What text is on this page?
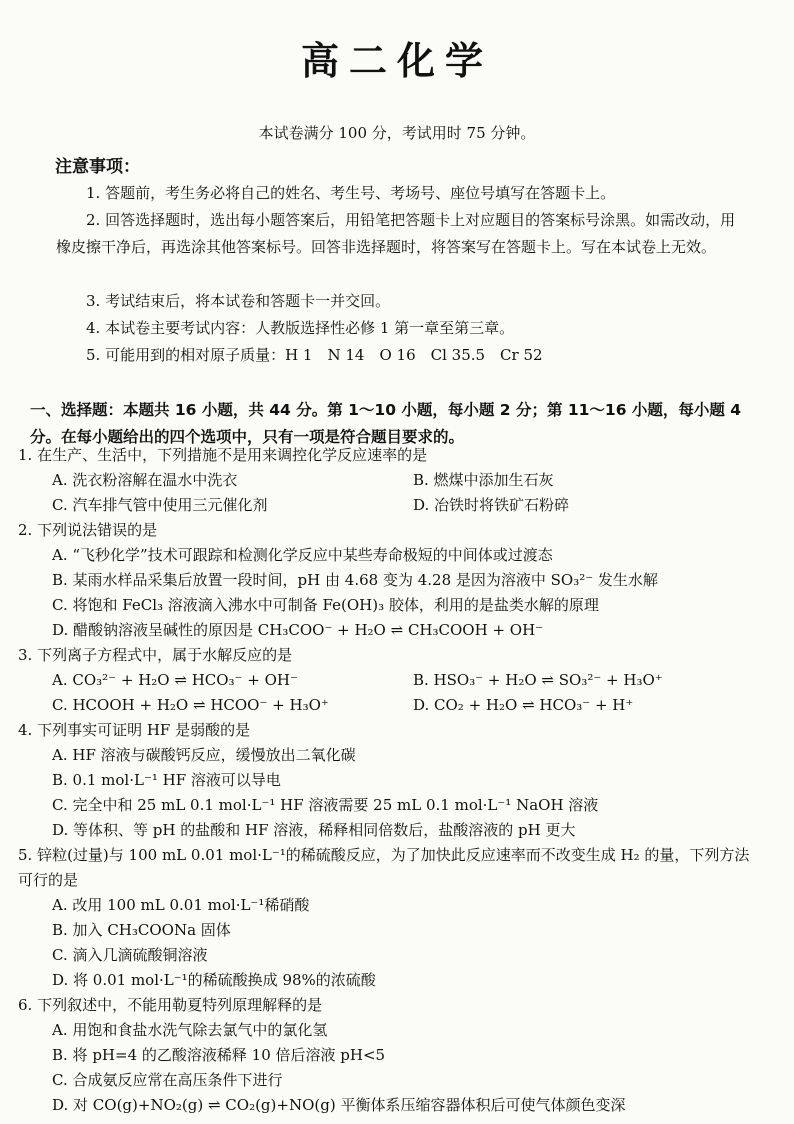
高二化学
本试卷满分 100 分，考试用时 75 分钟。
注意事项：
1. 答题前，考生务必将自己的姓名、考生号、考场号、座位号填写在答题卡上。
2. 回答选择题时，选出每小题答案后，用铅笔把答题卡上对应题目的答案标号涂黑。如需改动，用橡皮擦干净后，再选涂其他答案标号。回答非选择题时，将答案写在答题卡上。写在本试卷上无效。
3. 考试结束后，将本试卷和答题卡一并交回。
4. 本试卷主要考试内容：人教版选择性必修 1 第一章至第三章。
5. 可能用到的相对原子质量：H 1　N 14　O 16　Cl 35.5　Cr 52
一、选择题：本题共 16 小题，共 44 分。第 1～10 小题，每小题 2 分；第 11～16 小题，每小题 4 分。在每小题给出的四个选项中，只有一项是符合题目要求的。
1. 在生产、生活中，下列措施不是用来调控化学反应速率的是
A. 洗衣粉溶解在温水中洗衣	B. 燃煤中添加生石灰
C. 汽车排气管中使用三元催化剂	D. 冶铁时将铁矿石粉碎
2. 下列说法错误的是
A. “飞秒化学”技术可跟踪和检测化学反应中某些寿命极短的中间体或过渡态
B. 某雨水样品采集后放置一段时间，pH 由 4.68 变为 4.28 是因为溶液中 SO₃²⁻ 发生水解
C. 将饱和 FeCl₃ 溶液滴入沸水中可制备 Fe(OH)₃ 胶体，利用的是盐类水解的原理
D. 醋酸钠溶液呈碱性的原因是 CH₃COO⁻ + H₂O ⇌ CH₃COOH + OH⁻
3. 下列离子方程式中，属于水解反应的是
A. CO₃²⁻ + H₂O ⇌ HCO₃⁻ + OH⁻	B. HSO₃⁻ + H₂O ⇌ SO₃²⁻ + H₃O⁺
C. HCOOH + H₂O ⇌ HCOO⁻ + H₃O⁺	D. CO₂ + H₂O ⇌ HCO₃⁻ + H⁺
4. 下列事实可证明 HF 是弱酸的是
A. HF 溶液与碳酸钙反应，缓慢放出二氧化碳
B. 0.1 mol·L⁻¹ HF 溶液可以导电
C. 完全中和 25 mL 0.1 mol·L⁻¹ HF 溶液需要 25 mL 0.1 mol·L⁻¹ NaOH 溶液
D. 等体积、等 pH 的盐酸和 HF 溶液，稀释相同倍数后，盐酸溶液的 pH 更大
5. 锌粒(过量)与 100 mL 0.01 mol·L⁻¹的稀硫酸反应，为了加快此反应速率而不改变生成 H₂ 的量，下列方法可行的是
A. 改用 100 mL 0.01 mol·L⁻¹稀硝酸
B. 加入 CH₃COONa 固体
C. 滴入几滴硫酸铜溶液
D. 将 0.01 mol·L⁻¹的稀硫酸换成 98%的浓硫酸
6. 下列叙述中，不能用勒夏特列原理解释的是
A. 用饱和食盐水洗气除去氯气中的氯化氢
B. 将 pH=4 的乙酸溶液稀释 10 倍后溶液 pH<5
C. 合成氨反应常在高压条件下进行
D. 对 CO(g)+NO₂(g) ⇌ CO₂(g)+NO(g) 平衡体系压缩容器体积后可使气体颜色变深
